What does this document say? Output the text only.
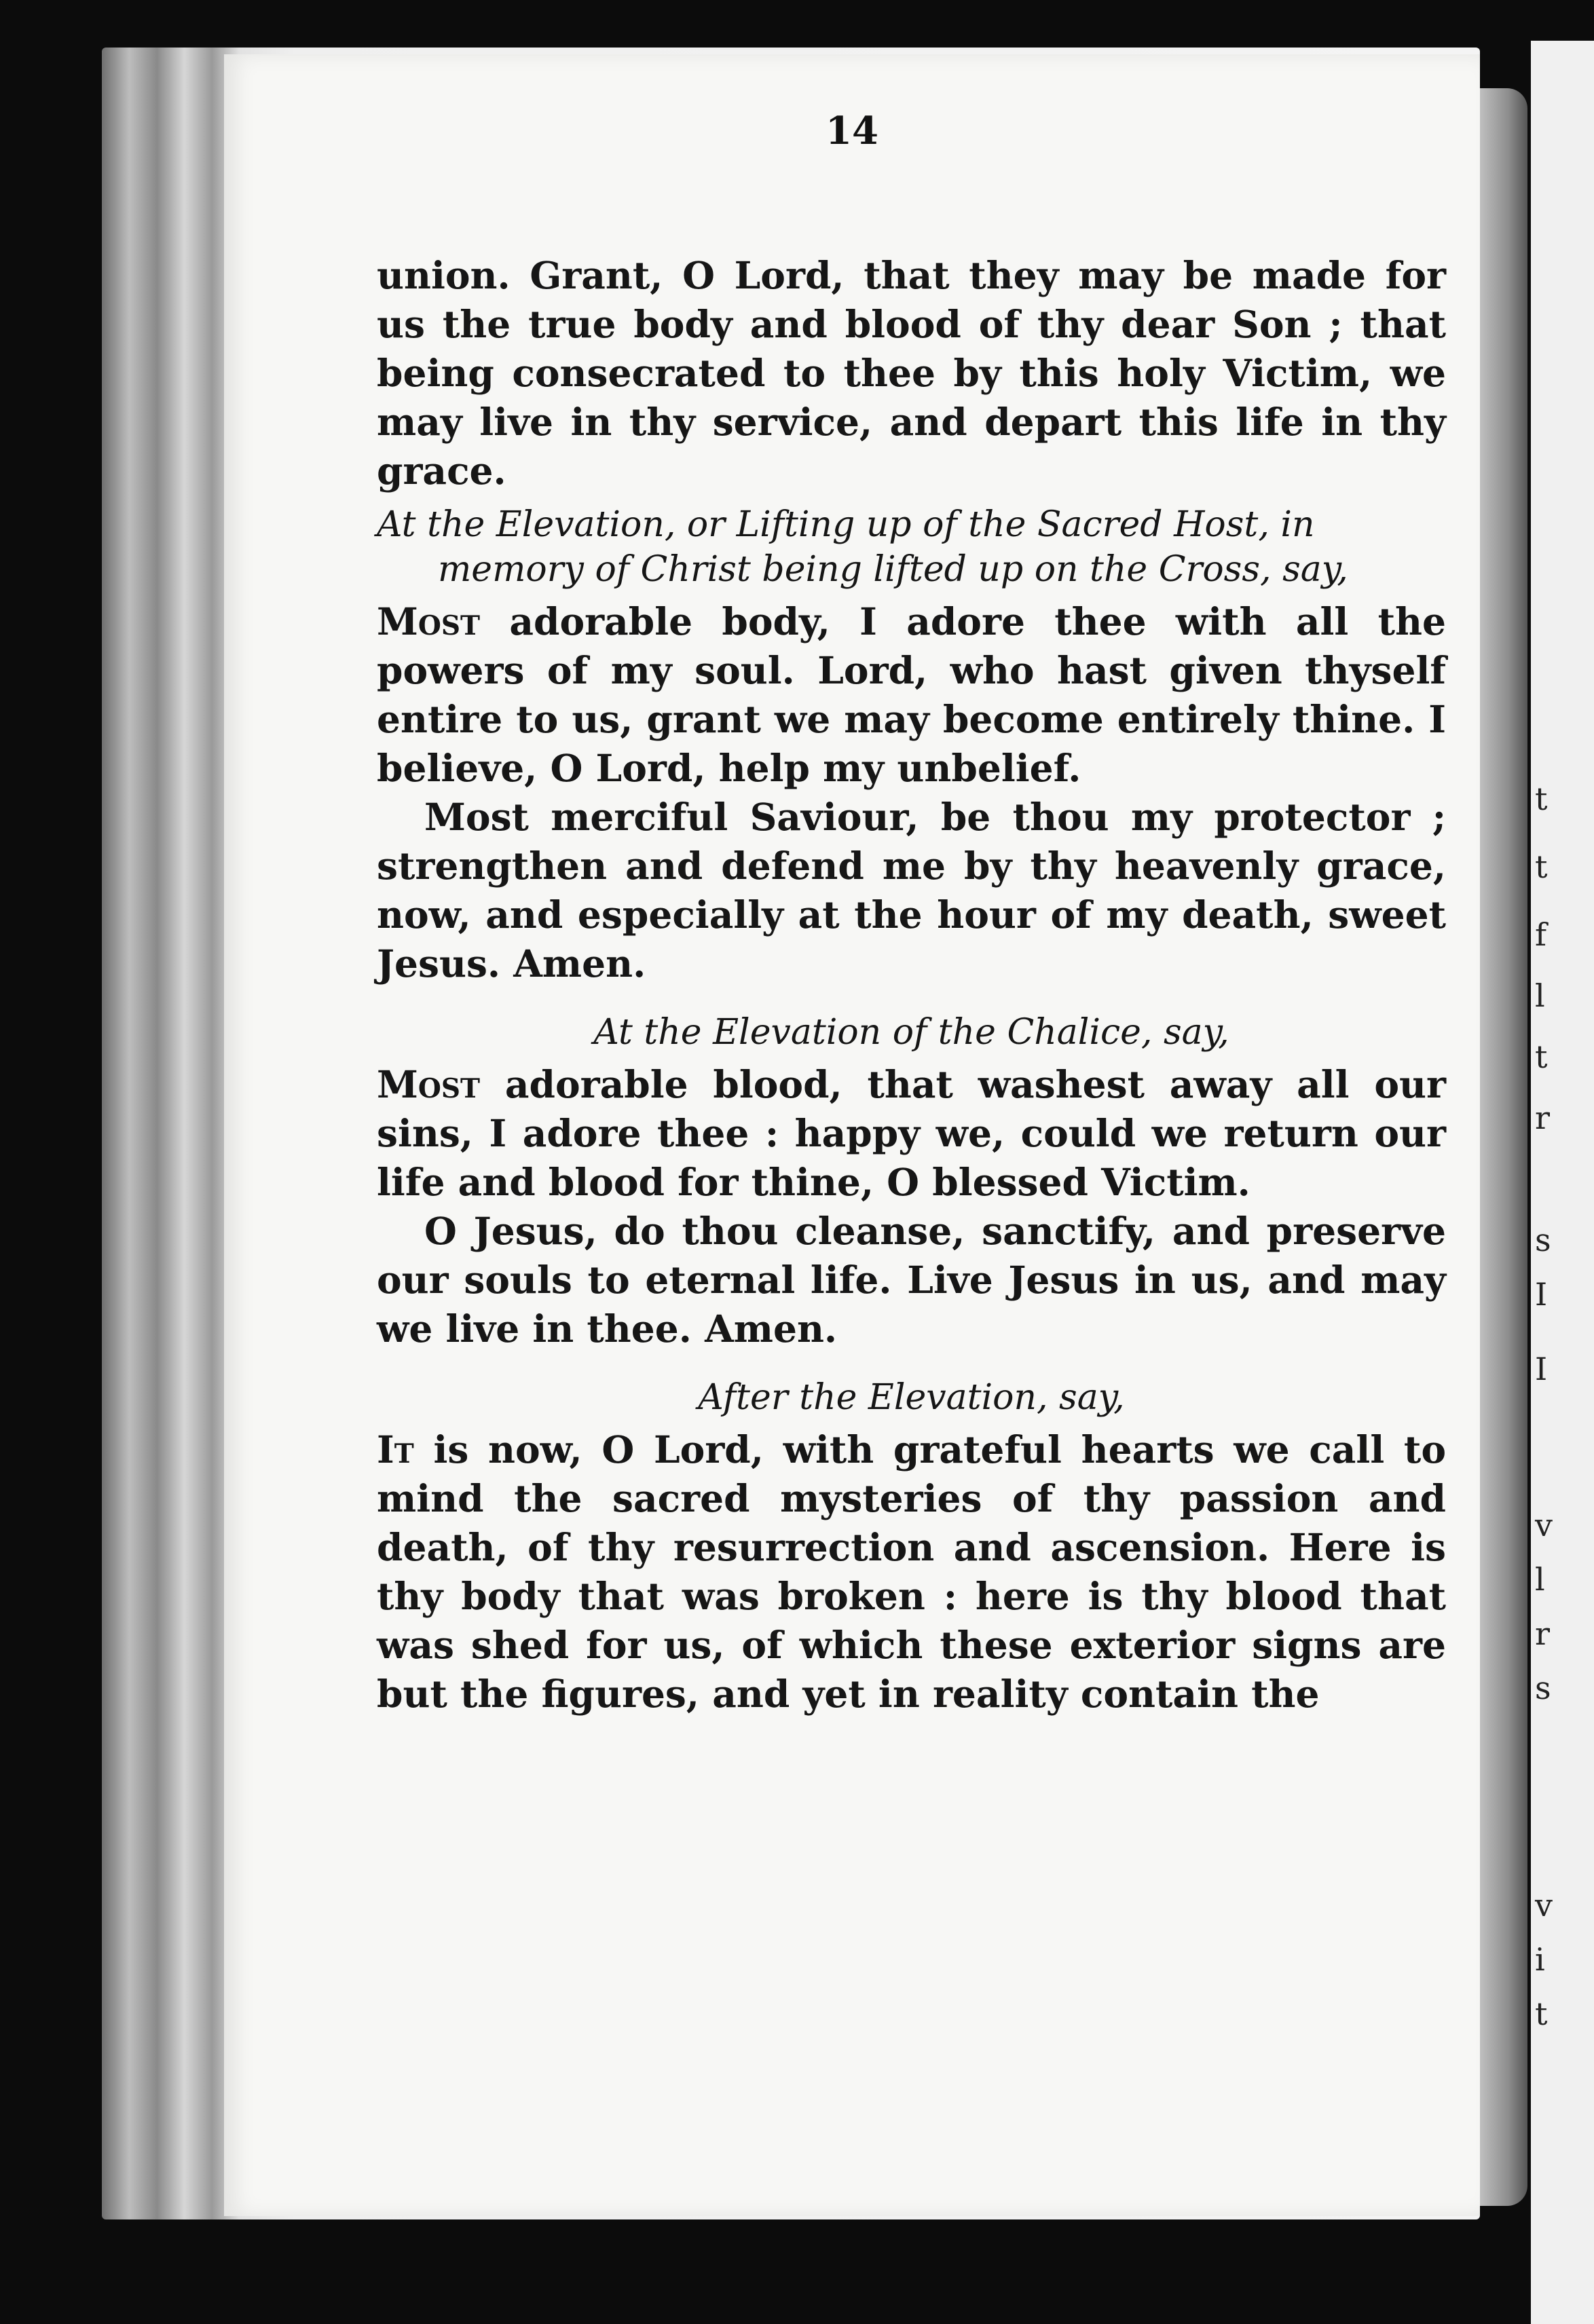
t
t
f
l
t
r
s
I
I
v
l
r
s
v
i
t
14

union. Grant, O Lord, that they may be made for us the true body and blood of thy dear Son ; that being consecrated to thee by this holy Victim, we may live in thy service, and depart this life in thy grace.

At the Elevation, or Lifting up of the Sacred Host, in memory of Christ being lifted up on the Cross, say,

Most adorable body, I adore thee with all the powers of my soul. Lord, who hast given thyself entire to us, grant we may become entirely thine. I believe, O Lord, help my unbelief.

Most merciful Saviour, be thou my protector ; strengthen and defend me by thy heavenly grace, now, and especially at the hour of my death, sweet Jesus. Amen.

At the Elevation of the Chalice, say,

Most adorable blood, that washest away all our sins, I adore thee : happy we, could we return our life and blood for thine, O blessed Victim.

O Jesus, do thou cleanse, sanctify, and preserve our souls to eternal life. Live Jesus in us, and may we live in thee. Amen.

After the Elevation, say,

It is now, O Lord, with grateful hearts we call to mind the sacred mysteries of thy passion and death, of thy resurrection and ascension. Here is thy body that was broken : here is thy blood that was shed for us, of which these exterior signs are but the figures, and yet in reality contain the
